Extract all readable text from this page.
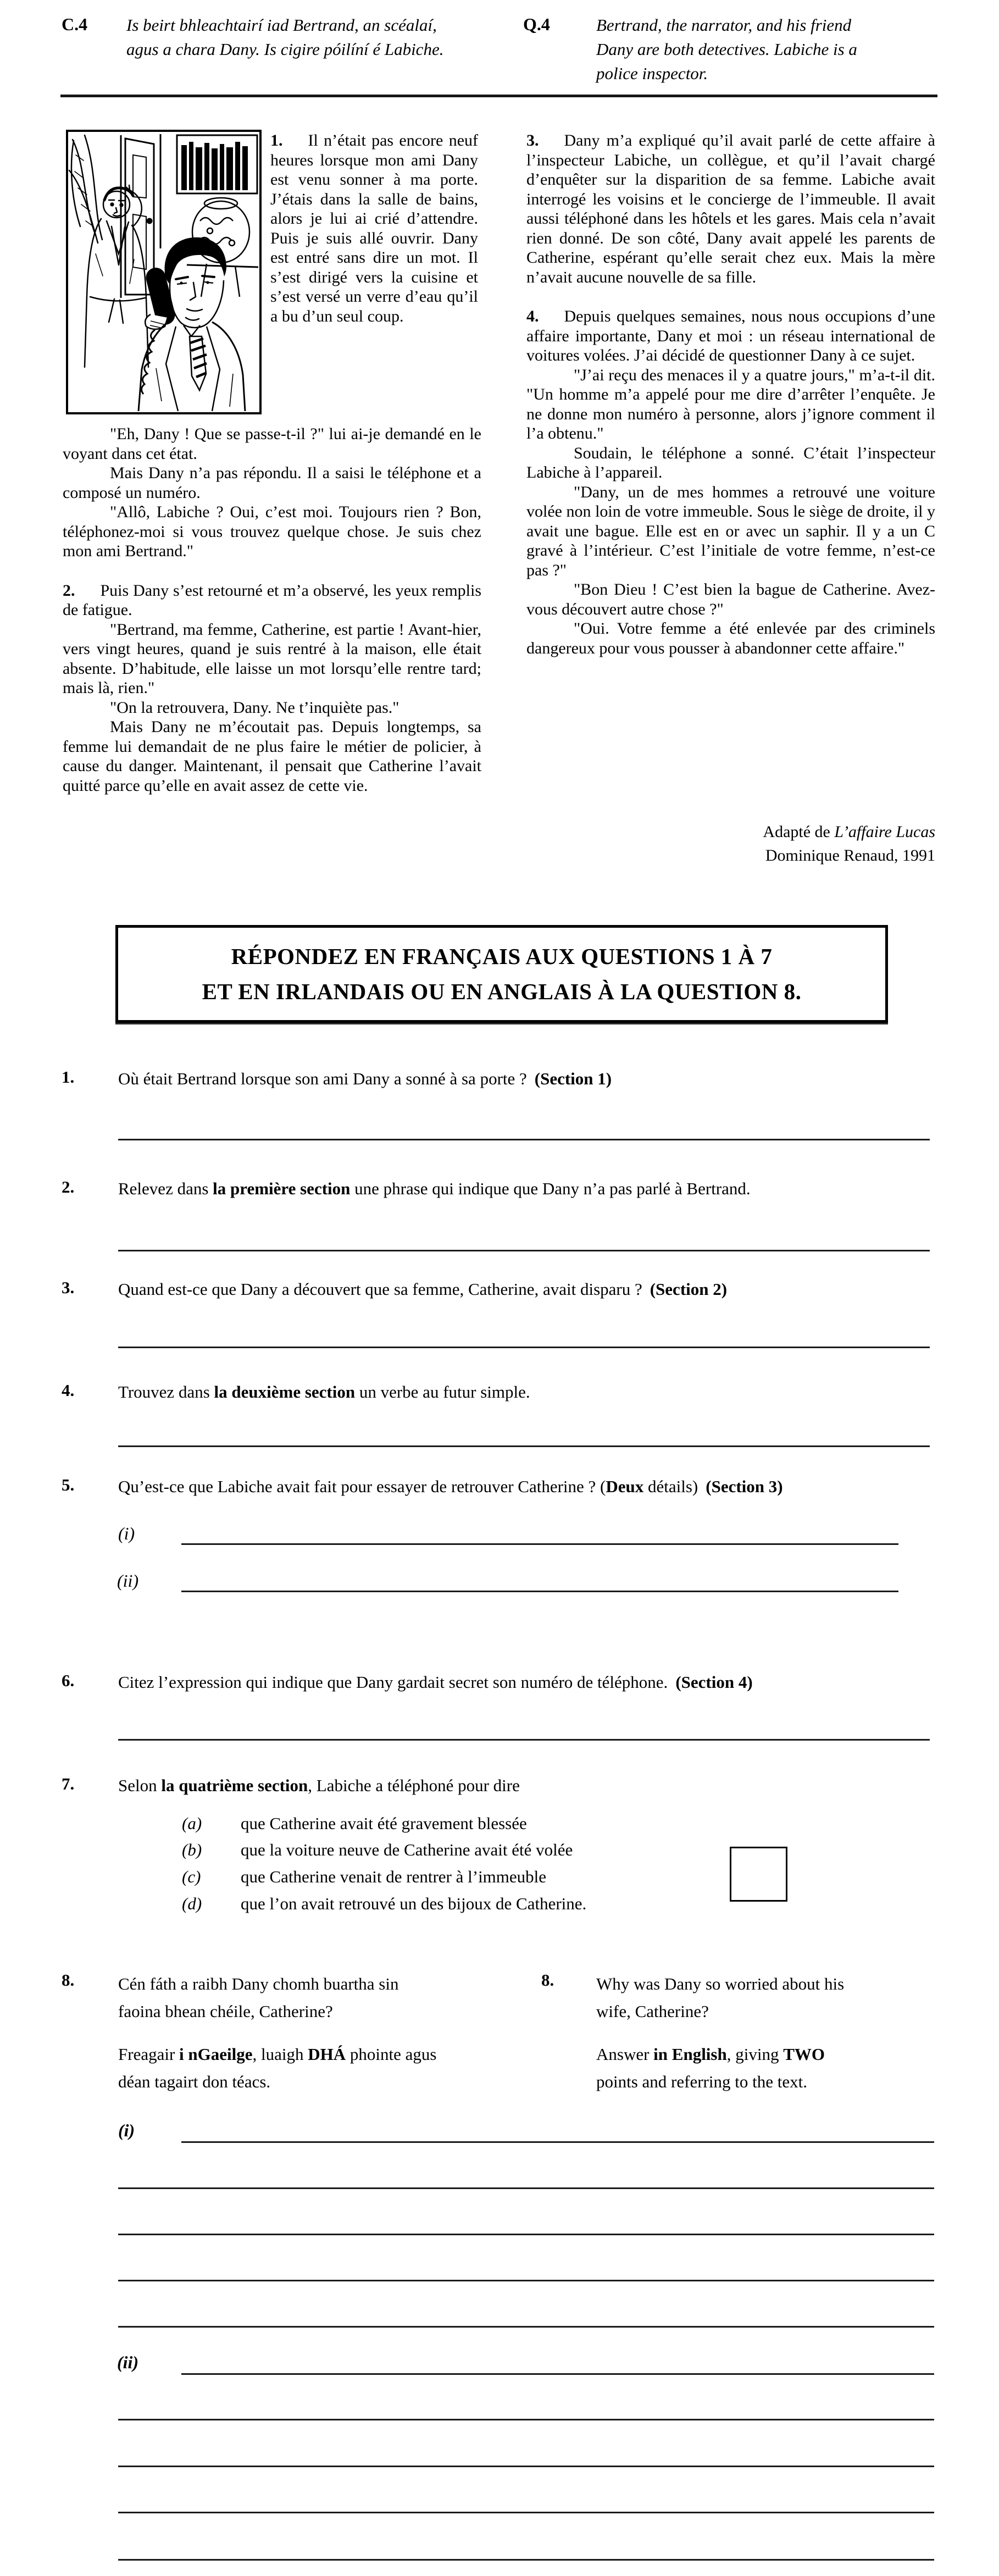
C.4 Is beirt bhleachtairí iad Bertrand, an scéalaí, agus a chara Dany. Is cigire póilíní é Labiche.
Q.4	Bertrand, the narrator, and his friend Dany are both detectives. Labiche is a police inspector.

1. Il n’était pas encore neuf heures lorsque mon ami Dany est venu sonner à ma porte. J’étais dans la salle de bains, alors je lui ai crié d’attendre. Puis je suis allé ouvrir. Dany est entré sans dire un mot. Il s’est dirigé vers la cuisine et s’est versé un verre d’eau qu’il a bu d’un seul coup.

"Eh, Dany ! Que se passe-t-il ?" lui ai-je demandé en le voyant dans cet état.

Mais Dany n’a pas répondu. Il a saisi le téléphone et a composé un numéro.

"Allô, Labiche ? Oui, c’est moi. Toujours rien ? Bon, téléphonez-moi si vous trouvez quelque chose. Je suis chez mon ami Bertrand."

2. Puis Dany s’est retourné et m’a observé, les yeux remplis de fatigue.

"Bertrand, ma femme, Catherine, est partie ! Avant-hier, vers vingt heures, quand je suis rentré à la maison, elle était absente. D’habitude, elle laisse un mot lorsqu’elle rentre tard; mais là, rien."

"On la retrouvera, Dany. Ne t’inquiète pas."

Mais Dany ne m’écoutait pas. Depuis longtemps, sa femme lui demandait de ne plus faire le métier de policier, à cause du danger. Maintenant, il pensait que Catherine l’avait quitté parce qu’elle en avait assez de cette vie.

3. Dany m’a expliqué qu’il avait parlé de cette affaire à l’inspecteur Labiche, un collègue, et qu’il l’avait chargé d’enquêter sur la disparition de sa femme. Labiche avait interrogé les voisins et le concierge de l’immeuble. Il avait aussi téléphoné dans les hôtels et les gares. Mais cela n’avait rien donné. De son côté, Dany avait appelé les parents de Catherine, espérant qu’elle serait chez eux. Mais la mère n’avait aucune nouvelle de sa fille.

4. Depuis quelques semaines, nous nous occupions d’une affaire importante, Dany et moi : un réseau international de voitures volées. J’ai décidé de questionner Dany à ce sujet.

"J’ai reçu des menaces il y a quatre jours," m’a-t-il dit. "Un homme m’a appelé pour me dire d’arrêter l’enquête. Je ne donne mon numéro à personne, alors j’ignore comment il l’a obtenu."

Soudain, le téléphone a sonné. C’était l’inspecteur Labiche à l’appareil.

"Dany, un de mes hommes a retrouvé une voiture volée non loin de votre immeuble. Sous le siège de droite, il y avait une bague. Elle est en or avec un saphir. Il y a un C gravé à l’intérieur. C’est l’initiale de votre femme, n’est-ce pas ?"

"Bon Dieu ! C’est bien la bague de Catherine. Avez-vous découvert autre chose ?"

"Oui. Votre femme a été enlevée par des criminels dangereux pour vous pousser à abandonner cette affaire."

Adapté de L’affaire Lucas
Dominique Renaud, 1991
RÉPONDEZ EN FRANÇAIS AUX QUESTIONS 1 À 7
ET EN IRLANDAIS OU EN ANGLAIS À LA QUESTION 8.
1.	Où était Bertrand lorsque son ami Dany a sonné à sa porte ? (Section 1)
2.	Relevez dans la première section une phrase qui indique que Dany n’a pas parlé à Bertrand.
3.	Quand est-ce que Dany a découvert que sa femme, Catherine, avait disparu ? (Section 2)
4.	Trouvez dans la deuxième section un verbe au futur simple.
5.	Qu’est-ce que Labiche avait fait pour essayer de retrouver Catherine ? (Deux détails) (Section 3)
(i)
(ii)
6.	Citez l’expression qui indique que Dany gardait secret son numéro de téléphone. (Section 4)
7.	Selon la quatrième section, Labiche a téléphoné pour dire
(a) que Catherine avait été gravement blessée
(b) que la voiture neuve de Catherine avait été volée
(c) que Catherine venait de rentrer à l’immeuble
(d) que l’on avait retrouvé un des bijoux de Catherine.
8.	Cén fáth a raibh Dany chomh buartha sin faoina bhean chéile, Catherine?
Freagair i nGaeilge, luaigh DHÁ phointe agus déan tagairt don téacs.
8. Why was Dany so worried about his wife, Catherine?
Answer in English, giving TWO points and referring to the text.
(i)
(ii)
